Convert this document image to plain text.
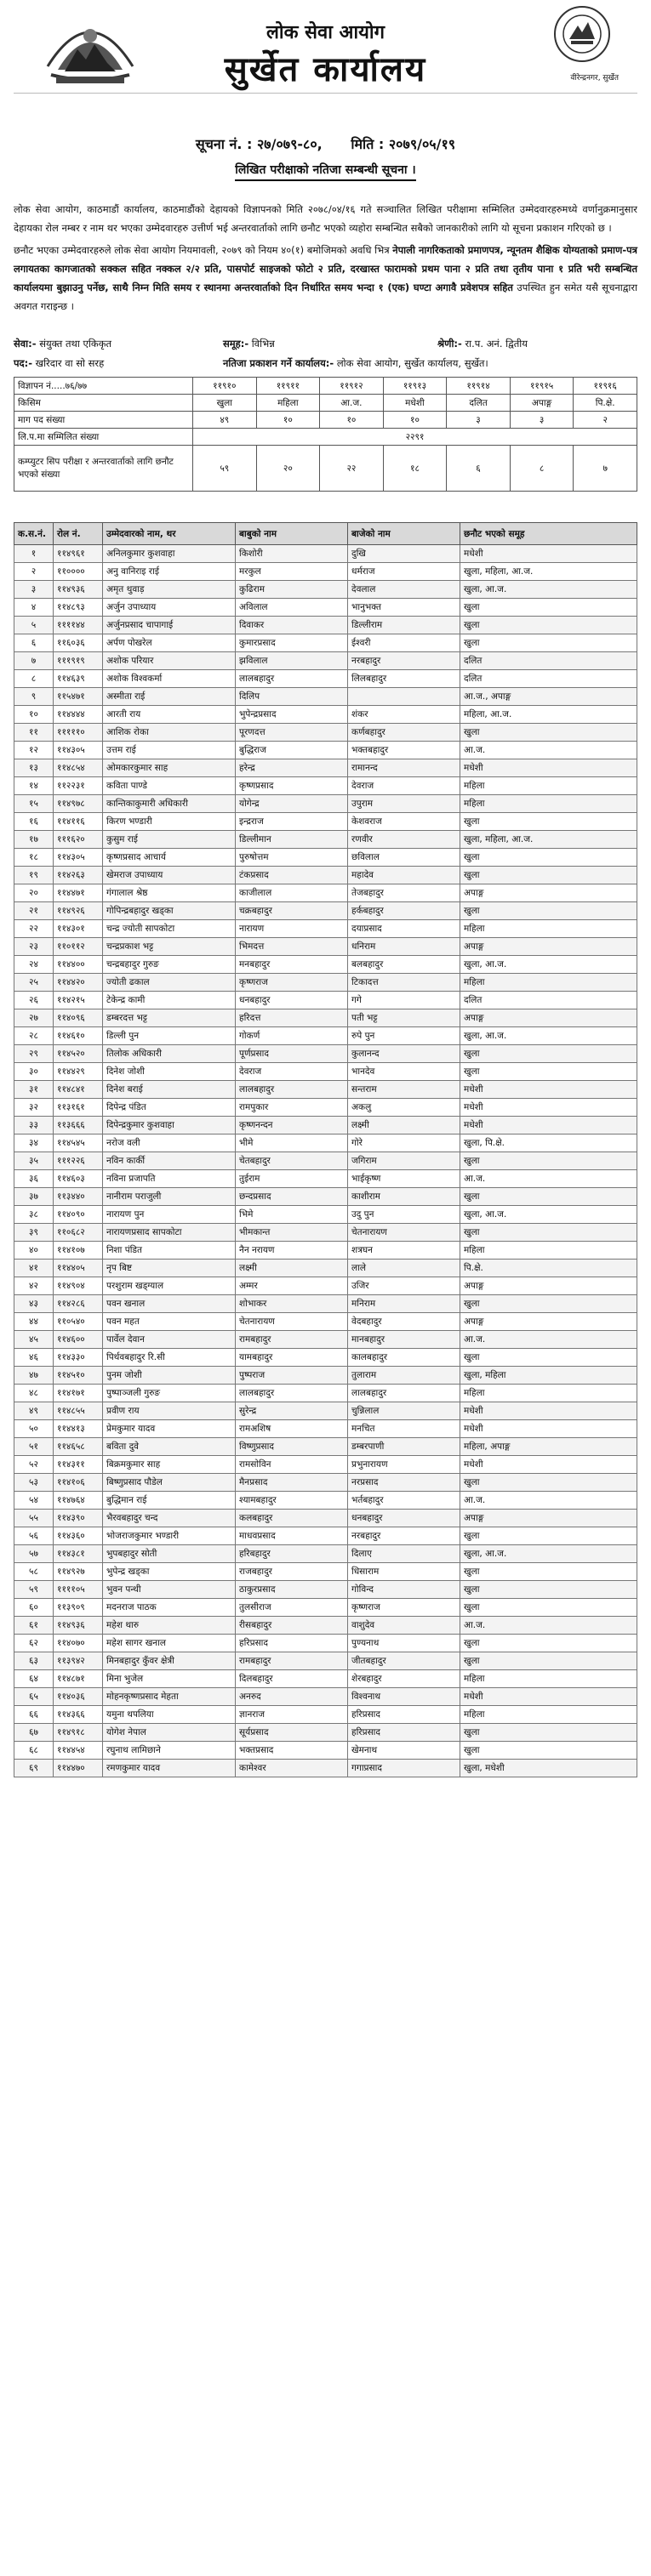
लोक सेवा आयोग
सुर्खेत कार्यालय	वीरेन्द्रनगर, सुर्खेत
सूचना नं. : २७/०७९-८०, मिति : २०७९/०५/१९
लिखित परीक्षाको नतिजा सम्बन्धी सूचना ।

लोक सेवा आयोग, काठमाडौं कार्यालय, काठमाडौंको देहायको विज्ञापनको मिति २०७८/०४/१६ गते सञ्चालित लिखित परीक्षामा सम्मिलित उम्मेदवारहरुमध्ये वर्णानुक्रमानुसार देहायका रोल नम्बर र नाम थर भएका उम्मेदवारहरु उत्तीर्ण भई अन्तरवार्ताको लागि छनौट भएको व्यहोरा सम्बन्धित सबैको जानकारीको लागि यो सूचना प्रकाशन गरिएको छ ।

छनौट भएका उम्मेदवारहरुले लोक सेवा आयोग नियमावली, २०७९ को नियम ४०(१) बमोजिमको अवधि भित्र नेपाली नागरिकताको प्रमाणपत्र, न्यूनतम शैक्षिक योग्यताको प्रमाण-पत्र लगायतका कागजातको सक्कल सहित नक्कल २/२ प्रति, पासपोर्ट साइजको फोटो २ प्रति, दरखास्त फारामको प्रथम पाना २ प्रति तथा तृतीय पाना १ प्रति भरी सम्बन्धित कार्यालयमा बुझाउनु पर्नेछ, साथै निम्न मिति समय र स्थानमा अन्तरवार्ताको दिन निर्धारित समय भन्दा १ (एक) घण्टा अगावै प्रवेशपत्र सहित उपस्थित हुन समेत यसै सूचनाद्वारा अवगत गराइन्छ ।

सेवा:- संयुक्त तथा एकिकृत	समूह:- विभिन्न	श्रेणी:- रा.प. अनं. द्वितीय
पद:- खरिदार वा सो सरह	नतिजा प्रकाशन गर्ने कार्यालय:- लोक सेवा आयोग, सुर्खेत कार्यालय, सुर्खेत।
विज्ञापन नं.....७६/७७	११९१०	११९११	११९१२	११९१३	११९१४	११९१५	११९१६
किसिम	खुला	महिला	आ.ज.	मधेशी	दलित	अपाङ्ग	पि.क्षे.
माग पद संख्या	४९	१०	१०	१०	३	३	२
लि.प.मा सम्मिलित संख्या	२२९१						
कम्प्युटर सिप परीक्षा र अन्तरवार्ताको लागि छनौट भएको संख्या	५९	२०	२२	१८	६	८	७
क.स.नं.	रोल नं.	उम्मेदवारको नाम, थर	बाबुको नाम	बाजेको नाम	छनौट भएको समूह
१	११४९६१	अनिलकुमार कुशवाहा	किशोरी	दुखि	मधेशी
२	११००००	अनु वानिराइ राई	मरकुल	धर्मराज	खुला, महिला, आ.ज.
३	११४९३६	अमृत थुवाड़	कुढिराम	देवलाल	खुला, आ.ज.
४	११४८९३	अर्जुन उपाध्याय	अविलाल	भानुभक्त	खुला
५	११११४४	अर्जुनप्रसाद चापागाई	दिवाकर	डिल्लीराम	खुला
६	११६०३६	अर्पण पोखरेल	कुमारप्रसाद	ईश्वरी	खुला
७	१११९१९	अशोक परियार	झविलाल	नरबहादुर	दलित
८	११४६३९	अशोक विश्वकर्मा	लालबहादुर	लिलबहादुर	दलित
९	११५४७१	अस्मीता राई	दिलिप		आ.ज., अपाङ्ग
१०	११४४४४	आरती राय	भुपेन्द्रप्रसाद	शंकर	महिला, आ.ज.
११	१११११०	आशिक रोका	पूरणदत्त	कर्णबहादुर	खुला
१२	११४३०५	उत्तम राई	बुद्धिराज	भक्तबहादुर	आ.ज.
१३	११४८५४	ओमकारकुमार साह	हरेन्द्र	रामानन्द	मधेशी
१४	११२२३१	कविता पाण्डे	कृष्णप्रसाद	देवराज	महिला
१५	११४९७८	कान्तिकाकुमारी अधिकारी	योगेन्द्र	उपुराम	महिला
१६	११४११६	किरण भण्डारी	इन्द्रराज	केशवराज	खुला
१७	१११६२०	कुसुम राई	डिल्लीमान	रणवीर	खुला, महिला, आ.ज.
१८	११४३०५	कृष्णप्रसाद आचार्य	पुरुषोत्तम	छविलाल	खुला
१९	११४२६३	खेमराज उपाध्याय	टंकप्रसाद	महादेव	खुला
२०	११४४७१	गंगालाल श्रेष्ठ	काजीलाल	तेजबहादुर	अपाङ्ग
२१	११४९२६	गोपिन्द्रबहादुर खड्का	चक्रबहादुर	हर्कबहादुर	खुला
२२	११४३०१	चन्द्र ज्योती सापकोटा	नारायण	दयाप्रसाद	महिला
२३	११०११२	चन्द्रप्रकाश भट्ट	भिमदत्त	धनिराम	अपाङ्ग
२४	११४४००	चन्द्रबहादुर गुरुङ	मनबहादुर	बलबहादुर	खुला, आ.ज.
२५	११४४२०	ज्योती ढकाल	कृष्णराज	टिकादत्त	महिला
२६	११४२१५	टेकेन्द्र कामी	धनबहादुर	गगे	दलित
२७	११४०९६	डम्बरदत्त भट्ट	हरिदत्त	पती भट्ट	अपाङ्ग
२८	११४६१०	डिल्ली पुन	गोकर्ण	रुपे पुन	खुला, आ.ज.
२९	११४५२०	तिलोक अधिकारी	पूर्णप्रसाद	कुलानन्द	खुला
३०	११४४२९	दिनेश जोशी	देवराज	भानदेव	खुला
३१	११४८४१	दिनेश बराई	लालबहादुर	सन्तराम	मधेशी
३२	११३१६१	दिपेन्द्र पंडित	रामपुकार	अकलु	मधेशी
३३	११३६६६	दिपेन्द्रकुमार कुशवाहा	कृष्णनन्दन	लक्ष्मी	मधेशी
३४	११४५४५	नरोज वली	भीमे	गोरे	खुला, पि.क्षे.
३५	१११२२६	नविन कार्की	चेतबहादुर	जगिराम	खुला
३६	११४६०३	नविना प्रजापति	तुईराम	भाईकृष्ण	आ.ज.
३७	११३४४०	नानीराम पराजुली	छन्दप्रसाद	काशीराम	खुला
३८	११४०९०	नारायण पुन	भिमे	उदु पुन	खुला, आ.ज.
३९	११०६८२	नारायणप्रसाद सापकोटा	भीमकान्त	चेतनारायण	खुला
४०	११४१०७	निशा पंडित	नैन नरायण	शत्रघन	महिला
४१	११४४०५	नृप बिष्ट	लक्ष्मी	लाले	पि.क्षे.
४२	११४९०४	परशुराम खड्ग्याल	अम्मर	उजिर	अपाङ्ग
४३	११४२८६	पवन खनाल	शोभाकर	मनिराम	खुला
४४	११०५४०	पवन महत	चेतनारायण	वेदबहादुर	अपाङ्ग
४५	११४६००	पार्वेल देवान	रामबहादुर	मानबहादुर	आ.ज.
४६	११४३३०	पिर्थवबहादुर रि.सी	यामबहादुर	कालबहादुर	खुला
४७	११४५१०	पुनम जोशी	पुष्पराज	तुलाराम	खुला, महिला
४८	११४१७१	पुष्पाञ्जली गुरुङ	लालबहादुर	लालबहादुर	महिला
४९	११४८५५	प्रवीण राय	सुरेन्द्र	चुन्निलाल	मधेशी
५०	११४४१३	प्रेमकुमार यादव	रामअशिष	मनचित	मधेशी
५१	११४६५८	बविता दुवे	विष्णुप्रसाद	डम्बरपाणी	महिला, अपाङ्ग
५२	११४३११	बिक्रमकुमार साह	रामसोविन	प्रभुनारायण	मधेशी
५३	११४१०६	बिष्णुप्रसाद पौडेल	मैनप्रसाद	नरप्रसाद	खुला
५४	११४७६४	बुद्धिमान राई	श्यामबहादुर	भर्तबहादुर	आ.ज.
५५	११४३९०	भैरवबहादुर चन्द	कलबहादुर	धनबहादुर	अपाङ्ग
५६	११४३६०	भोजराजकुमार भण्डारी	माधवप्रसाद	नरबहादुर	खुला
५७	११४३८१	भुपबहादुर सोती	हरिबहादुर	दिलाए	खुला, आ.ज.
५८	११४९२७	भुपेन्द्र खड्का	राजबहादुर	धिसाराम	खुला
५९	११११०५	भुवन पन्थी	ठाकुरप्रसाद	गोविन्द	खुला
६०	११३९०९	मदनराज पाठक	तुलसीराज	कृष्णराज	खुला
६१	११४९३६	महेश थारु	रीसबहादुर	वाशुदेव	आ.ज.
६२	११४०७०	महेश सागर खनाल	हरिप्रसाद	पुण्यनाथ	खुला
६३	११३९४२	मिनबहादुर कुँवर क्षेत्री	रामबहादुर	जीतबहादुर	खुला
६४	११४८७१	मिना भुजेल	दिलबहादुर	शेरबहादुर	महिला
६५	११४०३६	मोहनकृष्णप्रसाद मेहता	अनरुद	विश्वनाथ	मधेशी
६६	११४३६६	यमुना थपलिया	ज्ञानराज	हरिप्रसाद	महिला
६७	११४९१८	योगेश नेपाल	सूर्यप्रसाद	हरिप्रसाद	खुला
६८	११४४५४	रघुनाथ लामिछाने	भक्तप्रसाद	खेमनाथ	खुला
६९	११४४७०	रमणकुमार यादव	कामेश्वर	गगाप्रसाद	खुला, मधेशी
